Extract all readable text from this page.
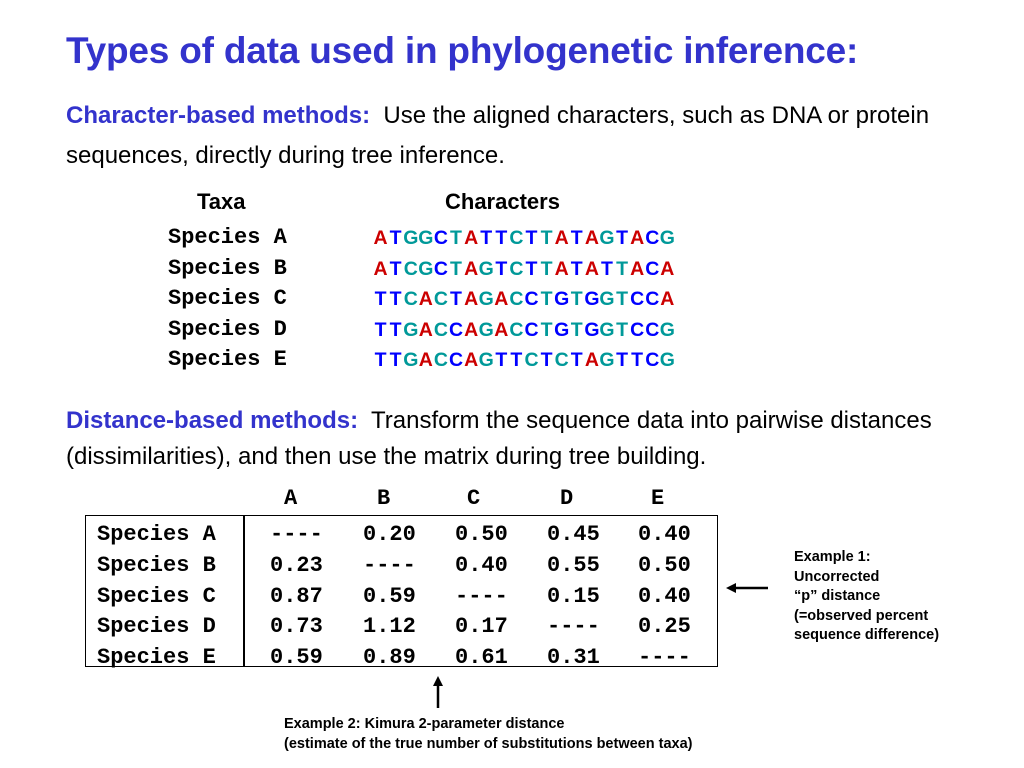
Types of data used in phylogenetic inference:
Character-based methods: Use the aligned characters, such as DNA or protein sequences, directly during tree inference.
Taxa	Characters
Species A	A TGGC T A T T C T T A T AGT ACG
Species B	A T CGC T AGT C T T A T A T T ACA
Species C	T T CAC T AGACC TGTGGT CCA
Species D	T TGACCAGACC TGTGGT CCG
Species E	T TGACCAGT T C T C T AGT T CG
Distance-based methods: Transform the sequence data into pairwise distances (dissimilarities), and then use the matrix during tree building.
A	B	C	D	E
Species A ---- 0.20 0.50 0.45 0.40
Species B 0.23 ---- 0.40 0.55 0.50
Species C 0.87 0.59 ---- 0.15 0.40
Species D 0.73 1.12 0.17 ---- 0.25
Species E 0.59 0.89 0.61 0.31 ----
Example 1:
Uncorrected
“p” distance
(=observed percent
sequence difference)
Example 2: Kimura 2-parameter distance
(estimate of the true number of substitutions between taxa)
